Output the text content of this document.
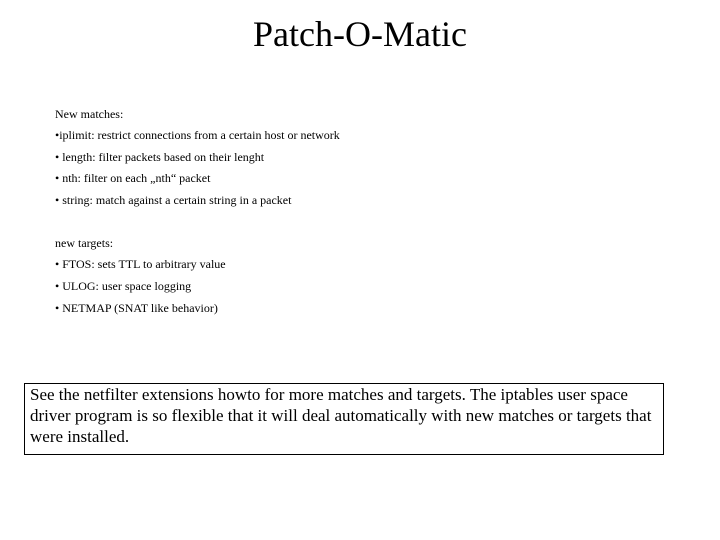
Patch-O-Matic
New matches:
•iplimit: restrict connections from a certain host or network
• length: filter packets based on their lenght
• nth: filter on each „nth“ packet
• string: match against a certain string in a packet
new targets:
• FTOS: sets TTL to arbitrary value
• ULOG: user space logging
• NETMAP (SNAT like behavior)

See the netfilter extensions howto for more matches and targets. The iptables user space driver program is so flexible that it will deal automatically with new matches or targets that were installed.
